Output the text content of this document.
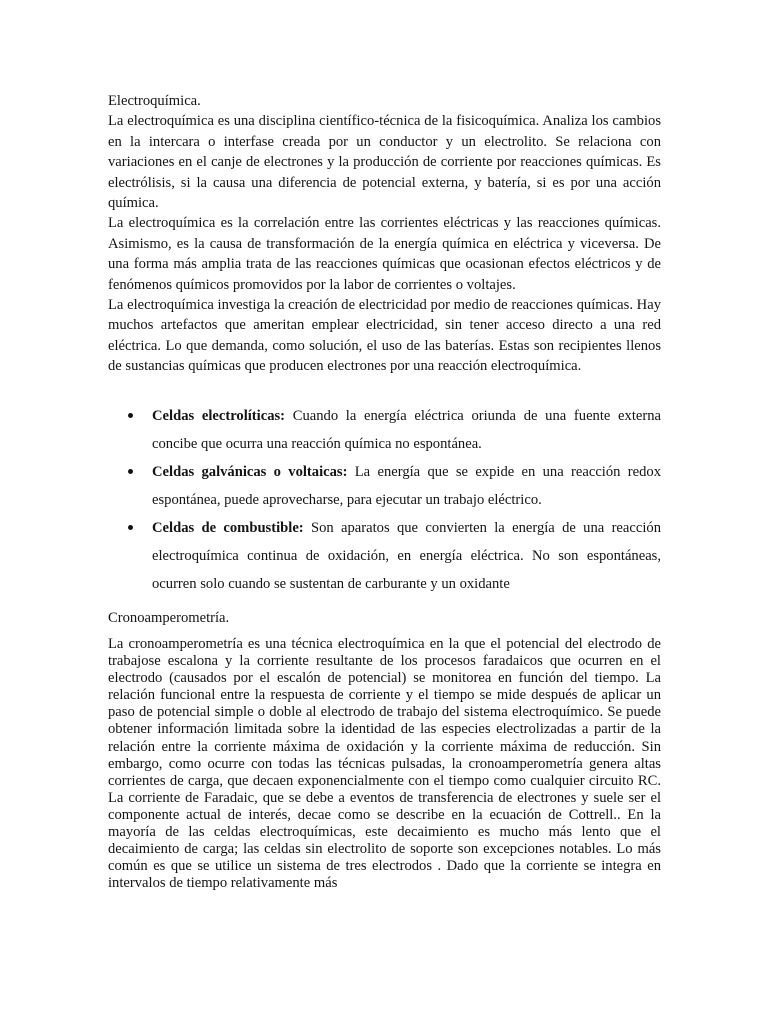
Electroquímica.

La electroquímica es una disciplina científico-técnica de la fisicoquímica. Analiza los cambios en la intercara o interfase creada por un conductor y un electrolito. Se relaciona con variaciones en el canje de electrones y la producción de corriente por reacciones químicas. Es electrólisis, si la causa una diferencia de potencial externa, y batería, si es por una acción química.

La electroquímica es la correlación entre las corrientes eléctricas y las reacciones químicas. Asimismo, es la causa de transformación de la energía química en eléctrica y viceversa. De una forma más amplia trata de las reacciones químicas que ocasionan efectos eléctricos y de fenómenos químicos promovidos por la labor de corrientes o voltajes.

La electroquímica investiga la creación de electricidad por medio de reacciones químicas. Hay muchos artefactos que ameritan emplear electricidad, sin tener acceso directo a una red eléctrica. Lo que demanda, como solución, el uso de las baterías. Estas son recipientes llenos de sustancias químicas que producen electrones por una reacción electroquímica.

Celdas electrolíticas: Cuando la energía eléctrica oriunda de una fuente externa concibe que ocurra una reacción química no espontánea.
Celdas galvánicas o voltaicas: La energía que se expide en una reacción redox espontánea, puede aprovecharse, para ejecutar un trabajo eléctrico.
Celdas de combustible: Son aparatos que convierten la energía de una reacción electroquímica continua de oxidación, en energía eléctrica. No son espontáneas, ocurren solo cuando se sustentan de carburante y un oxidante
Cronoamperometría.

La cronoamperometría es una técnica electroquímica en la que el potencial del electrodo de trabajose escalona y la corriente resultante de los procesos faradaicos que ocurren en el electrodo (causados por el escalón de potencial) se monitorea en función del tiempo. La relación funcional entre la respuesta de corriente y el tiempo se mide después de aplicar un paso de potencial simple o doble al electrodo de trabajo del sistema electroquímico. Se puede obtener información limitada sobre la identidad de las especies electrolizadas a partir de la relación entre la corriente máxima de oxidación y la corriente máxima de reducción. Sin embargo, como ocurre con todas las técnicas pulsadas, la cronoamperometría genera altas corrientes de carga, que decaen exponencialmente con el tiempo como cualquier circuito RC. La corriente de Faradaic, que se debe a eventos de transferencia de electrones y suele ser el componente actual de interés, decae como se describe en la ecuación de Cottrell.. En la mayoría de las celdas electroquímicas, este decaimiento es mucho más lento que el decaimiento de carga; las celdas sin electrolito de soporte son excepciones notables. Lo más común es que se utilice un sistema de tres electrodos . Dado que la corriente se integra en intervalos de tiempo relativamente más
